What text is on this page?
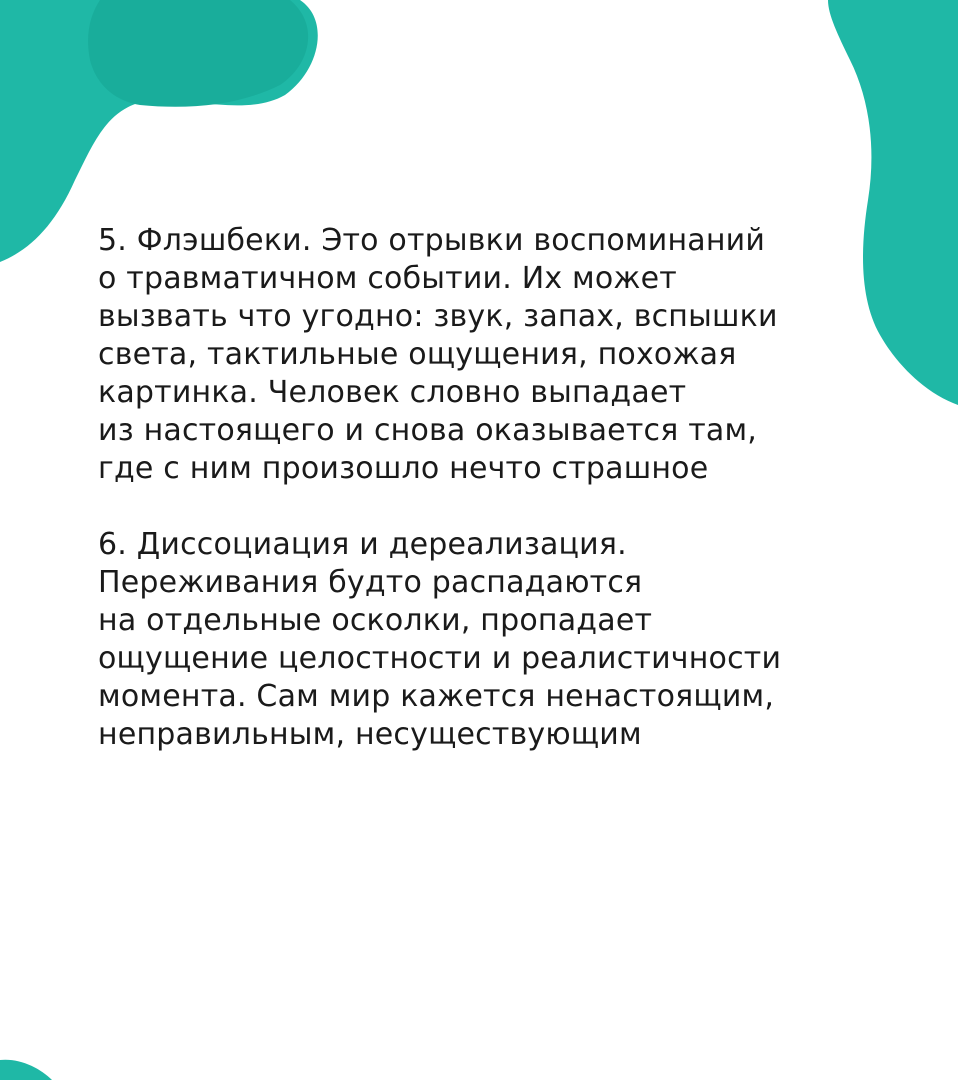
5. Флэшбеки. Это отрывки воспоминаний
о травматичном событии. Их может
вызвать что угодно: звук, запах, вспышки
света, тактильные ощущения, похожая
картинка. Человек словно выпадает
из настоящего и снова оказывается там,
где с ним произошло нечто страшное

6. Диссоциация и дереализация.
Переживания будто распадаются
на отдельные осколки, пропадает
ощущение целостности и реалистичности
момента. Сам мир кажется ненастоящим,
неправильным, несуществующим
